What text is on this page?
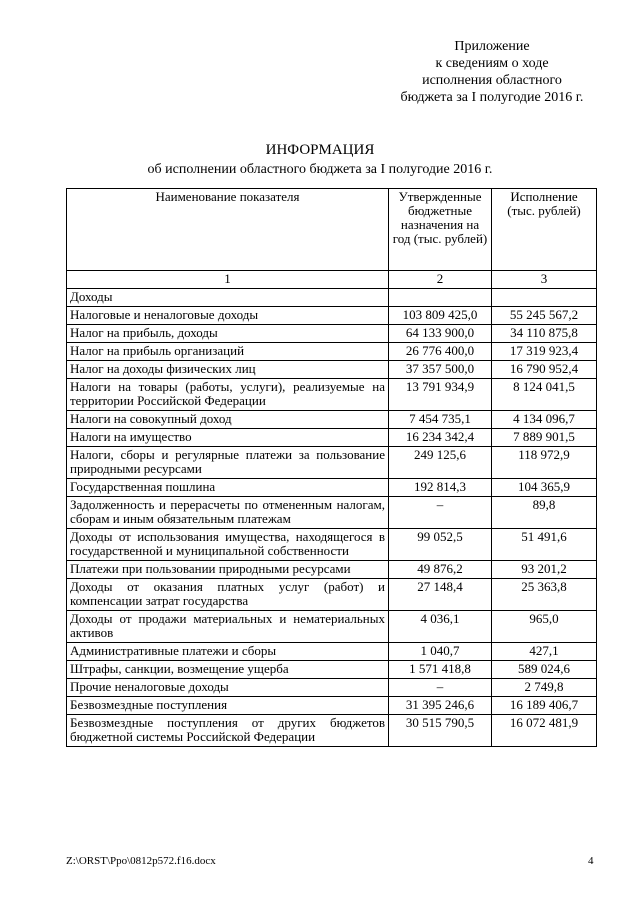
Приложение
к сведениям о ходе
исполнения областного
бюджета за I полугодие 2016 г.
ИНФОРМАЦИЯ
об исполнении областного бюджета за I полугодие 2016 г.
Наименование показателя	Утвержденные бюджетные назначения на год (тыс. рублей)	Исполнение (тыс. рублей)
1	2	3
Доходы		
Налоговые и неналоговые доходы	103 809 425,0	55 245 567,2
Налог на прибыль, доходы	64 133 900,0	34 110 875,8
Налог на прибыль организаций	26 776 400,0	17 319 923,4
Налог на доходы физических лиц	37 357 500,0	16 790 952,4
Налоги на товары (работы, услуги), реализуемые на территории Российской Федерации	13 791 934,9	8 124 041,5
Налоги на совокупный доход	7 454 735,1	4 134 096,7
Налоги на имущество	16 234 342,4	7 889 901,5
Налоги, сборы и регулярные платежи за пользование природными ресурсами	249 125,6	118 972,9
Государственная пошлина	192 814,3	104 365,9
Задолженность и перерасчеты по отмененным налогам, сборам и иным обязательным платежам	–	89,8
Доходы от использования имущества, находящегося в государственной и муниципальной собственности	99 052,5	51 491,6
Платежи при пользовании природными ресурсами	49 876,2	93 201,2
Доходы от оказания платных услуг (работ) и компенсации затрат государства	27 148,4	25 363,8
Доходы от продажи материальных и нематериальных активов	4 036,1	965,0
Административные платежи и сборы	1 040,7	427,1
Штрафы, санкции, возмещение ущерба	1 571 418,8	589 024,6
Прочие неналоговые доходы	–	2 749,8
Безвозмездные поступления	31 395 246,6	16 189 406,7
Безвозмездные поступления от других бюджетов бюджетной системы Российской Федерации	30 515 790,5	16 072 481,9
Z:\ORST\Ppo\0812p572.f16.docx	4
